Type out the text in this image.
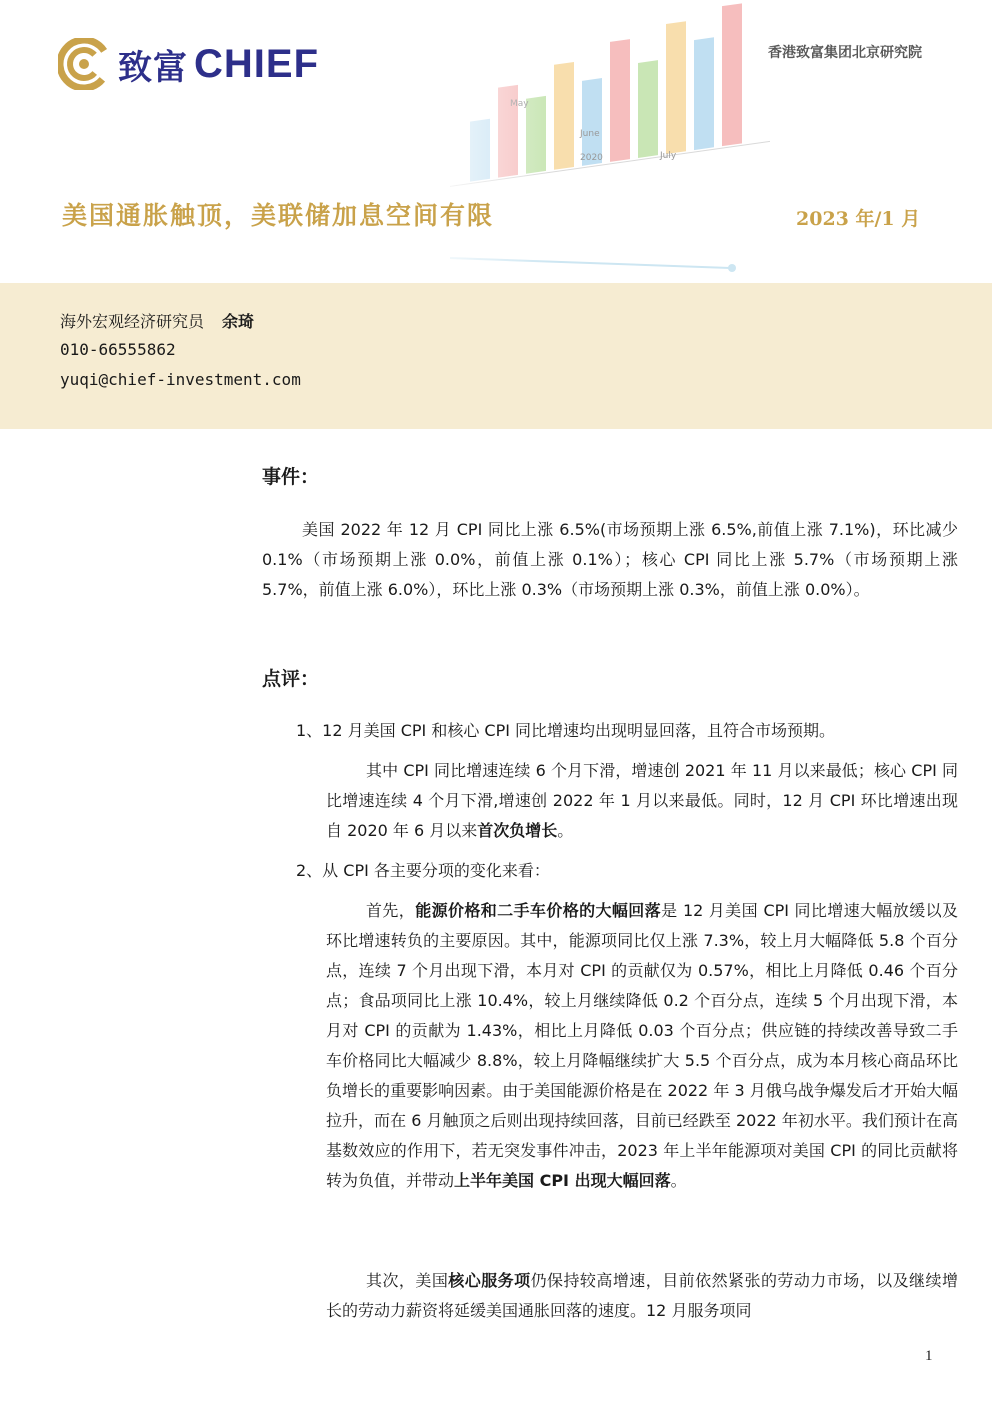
致富 CHIEF	香港致富集团北京研究院
美国通胀触顶，美联储加息空间有限	2023 年/1 月
海外宏观经济研究员 余琦
010-66555862
yuqi@chief-investment.com
事件：
美国 2022 年 12 月 CPI 同比上涨 6.5%(市场预期上涨 6.5%,前值上涨 7.1%)，环比减少 0.1%（市场预期上涨 0.0%，前值上涨 0.1%）；核心 CPI 同比上涨 5.7%（市场预期上涨 5.7%，前值上涨 6.0%），环比上涨 0.3%（市场预期上涨 0.3%，前值上涨 0.0%）。
点评：
1、12 月美国 CPI 和核心 CPI 同比增速均出现明显回落，且符合市场预期。
其中 CPI 同比增速连续 6 个月下滑，增速创 2021 年 11 月以来最低；核心 CPI 同比增速连续 4 个月下滑,增速创 2022 年 1 月以来最低。同时，12 月 CPI 环比增速出现自 2020 年 6 月以来首次负增长。
2、从 CPI 各主要分项的变化来看：
首先，能源价格和二手车价格的大幅回落是 12 月美国 CPI 同比增速大幅放缓以及环比增速转负的主要原因。其中，能源项同比仅上涨 7.3%，较上月大幅降低 5.8 个百分点，连续 7 个月出现下滑，本月对 CPI 的贡献仅为 0.57%，相比上月降低 0.46 个百分点；食品项同比上涨 10.4%，较上月继续降低 0.2 个百分点，连续 5 个月出现下滑，本月对 CPI 的贡献为 1.43%，相比上月降低 0.03 个百分点；供应链的持续改善导致二手车价格同比大幅减少 8.8%，较上月降幅继续扩大 5.5 个百分点，成为本月核心商品环比负增长的重要影响因素。由于美国能源价格是在 2022 年 3 月俄乌战争爆发后才开始大幅拉升，而在 6 月触顶之后则出现持续回落，目前已经跌至 2022 年初水平。我们预计在高基数效应的作用下，若无突发事件冲击，2023 年上半年能源项对美国 CPI 的同比贡献将转为负值，并带动上半年美国 CPI 出现大幅回落。
其次，美国核心服务项仍保持较高增速，目前依然紧张的劳动力市场，以及继续增长的劳动力薪资将延缓美国通胀回落的速度。12 月服务项同
1
